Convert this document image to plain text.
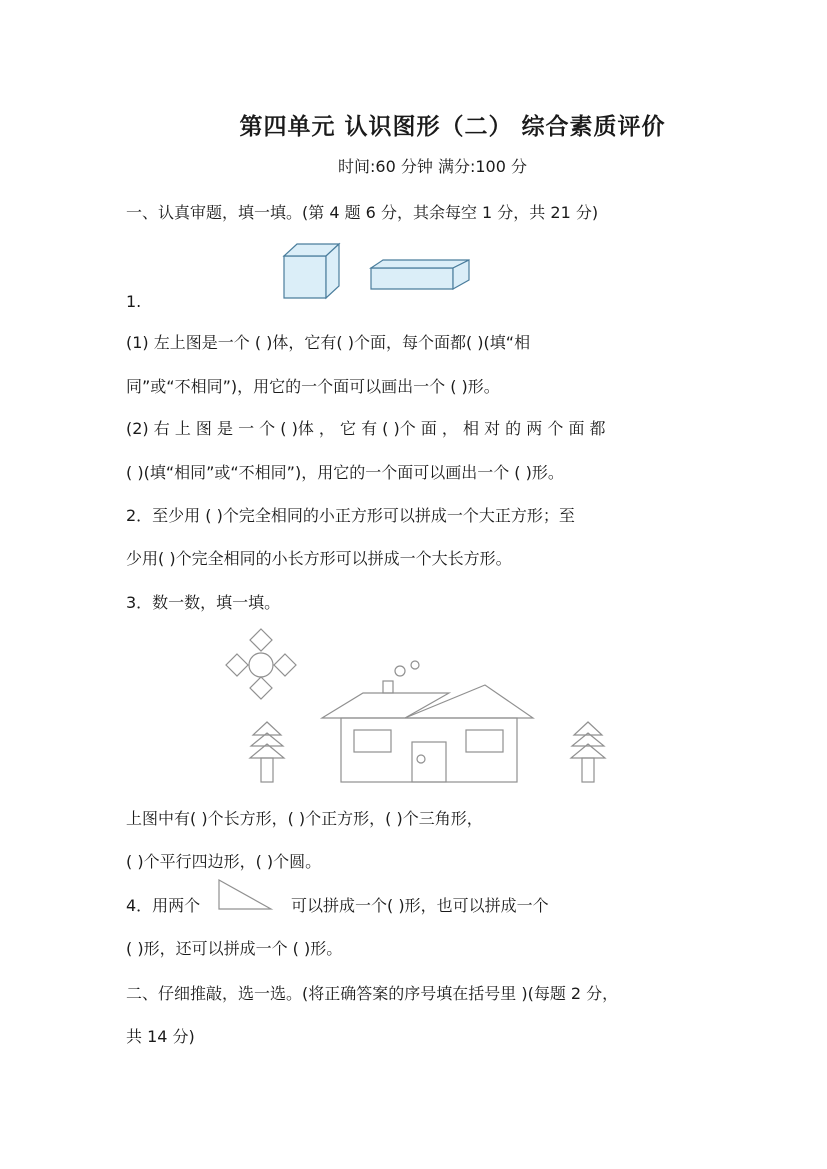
第四单元 认识图形（二） 综合素质评价
时间:60 分钟 满分:100 分
一、认真审题，填一填。(第 4 题 6 分，其余每空 1 分，共 21 分)
1.
(1) 左上图是一个 ( )体，它有( )个面，每个面都( )(填“相
同”或“不相同”)，用它的一个面可以画出一个 ( )形。
(2) 右 上 图 是 一 个 ( )体 ， 它 有 ( )个 面 ， 相 对 的 两 个 面 都
( )(填“相同”或“不相同”)，用它的一个面可以画出一个 ( )形。
2．至少用 ( )个完全相同的小正方形可以拼成一个大正方形；至
少用( )个完全相同的小长方形可以拼成一个大长方形。
3．数一数，填一填。
上图中有( )个长方形，( )个正方形，( )个三角形，
( )个平行四边形，( )个圆。
4．用两个	可以拼成一个( )形，也可以拼成一个
( )形，还可以拼成一个 ( )形。
二、仔细推敲，选一选。(将正确答案的序号填在括号里 )(每题 2 分，
共 14 分)
